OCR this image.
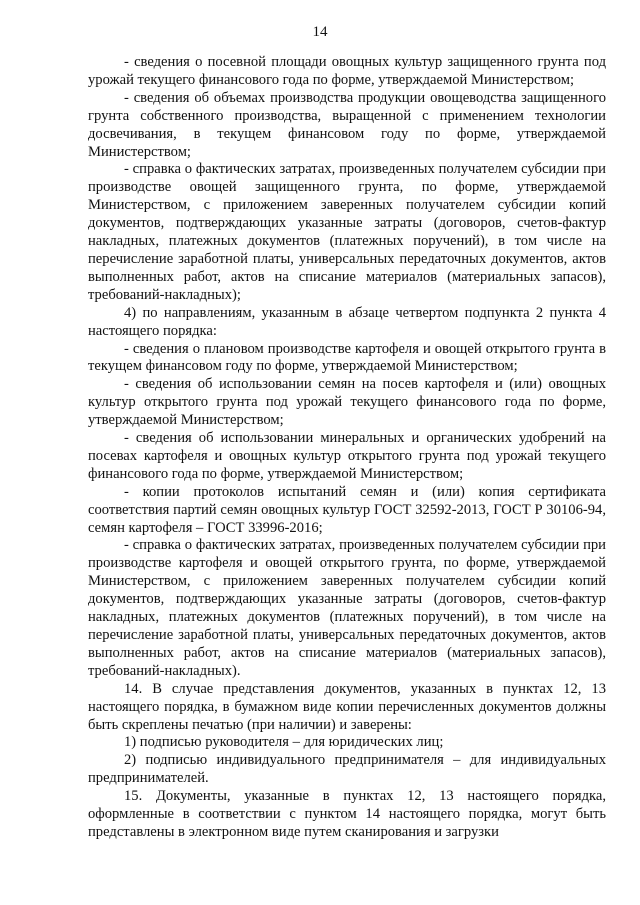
14

- сведения о посевной площади овощных культур защищенного грунта под урожай текущего финансового года по форме, утверждаемой Министерством;

- сведения об объемах производства продукции овощеводства защищенного грунта собственного производства, выращенной с применением технологии досвечивания, в текущем финансовом году по форме, утверждаемой Министерством;

- справка о фактических затратах, произведенных получателем субсидии при производстве овощей защищенного грунта, по форме, утверждаемой Министерством, с приложением заверенных получателем субсидии копий документов, подтверждающих указанные затраты (договоров, счетов-фактур накладных, платежных документов (платежных поручений), в том числе на перечисление заработной платы, универсальных передаточных документов, актов выполненных работ, актов на списание материалов (материальных запасов), требований-накладных);

4) по направлениям, указанным в абзаце четвертом подпункта 2 пункта 4 настоящего порядка:

- сведения о плановом производстве картофеля и овощей открытого грунта в текущем финансовом году по форме, утверждаемой Министерством;

- сведения об использовании семян на посев картофеля и (или) овощных культур открытого грунта под урожай текущего финансового года по форме, утверждаемой Министерством;

- сведения об использовании минеральных и органических удобрений на посевах картофеля и овощных культур открытого грунта под урожай текущего финансового года по форме, утверждаемой Министерством;

- копии протоколов испытаний семян и (или) копия сертификата соответствия партий семян овощных культур ГОСТ 32592-2013, ГОСТ Р 30106-94, семян картофеля – ГОСТ 33996-2016;

- справка о фактических затратах, произведенных получателем субсидии при производстве картофеля и овощей открытого грунта, по форме, утверждаемой Министерством, с приложением заверенных получателем субсидии копий документов, подтверждающих указанные затраты (договоров, счетов-фактур накладных, платежных документов (платежных поручений), в том числе на перечисление заработной платы, универсальных передаточных документов, актов выполненных работ, актов на списание материалов (материальных запасов), требований-накладных).

14. В случае представления документов, указанных в пунктах 12, 13 настоящего порядка, в бумажном виде копии перечисленных документов должны быть скреплены печатью (при наличии) и заверены:

1) подписью руководителя – для юридических лиц;

2) подписью индивидуального предпринимателя – для индивидуальных предпринимателей.

15. Документы, указанные в пунктах 12, 13 настоящего порядка, оформленные в соответствии с пунктом 14 настоящего порядка, могут быть представлены в электронном виде путем сканирования и загрузки
